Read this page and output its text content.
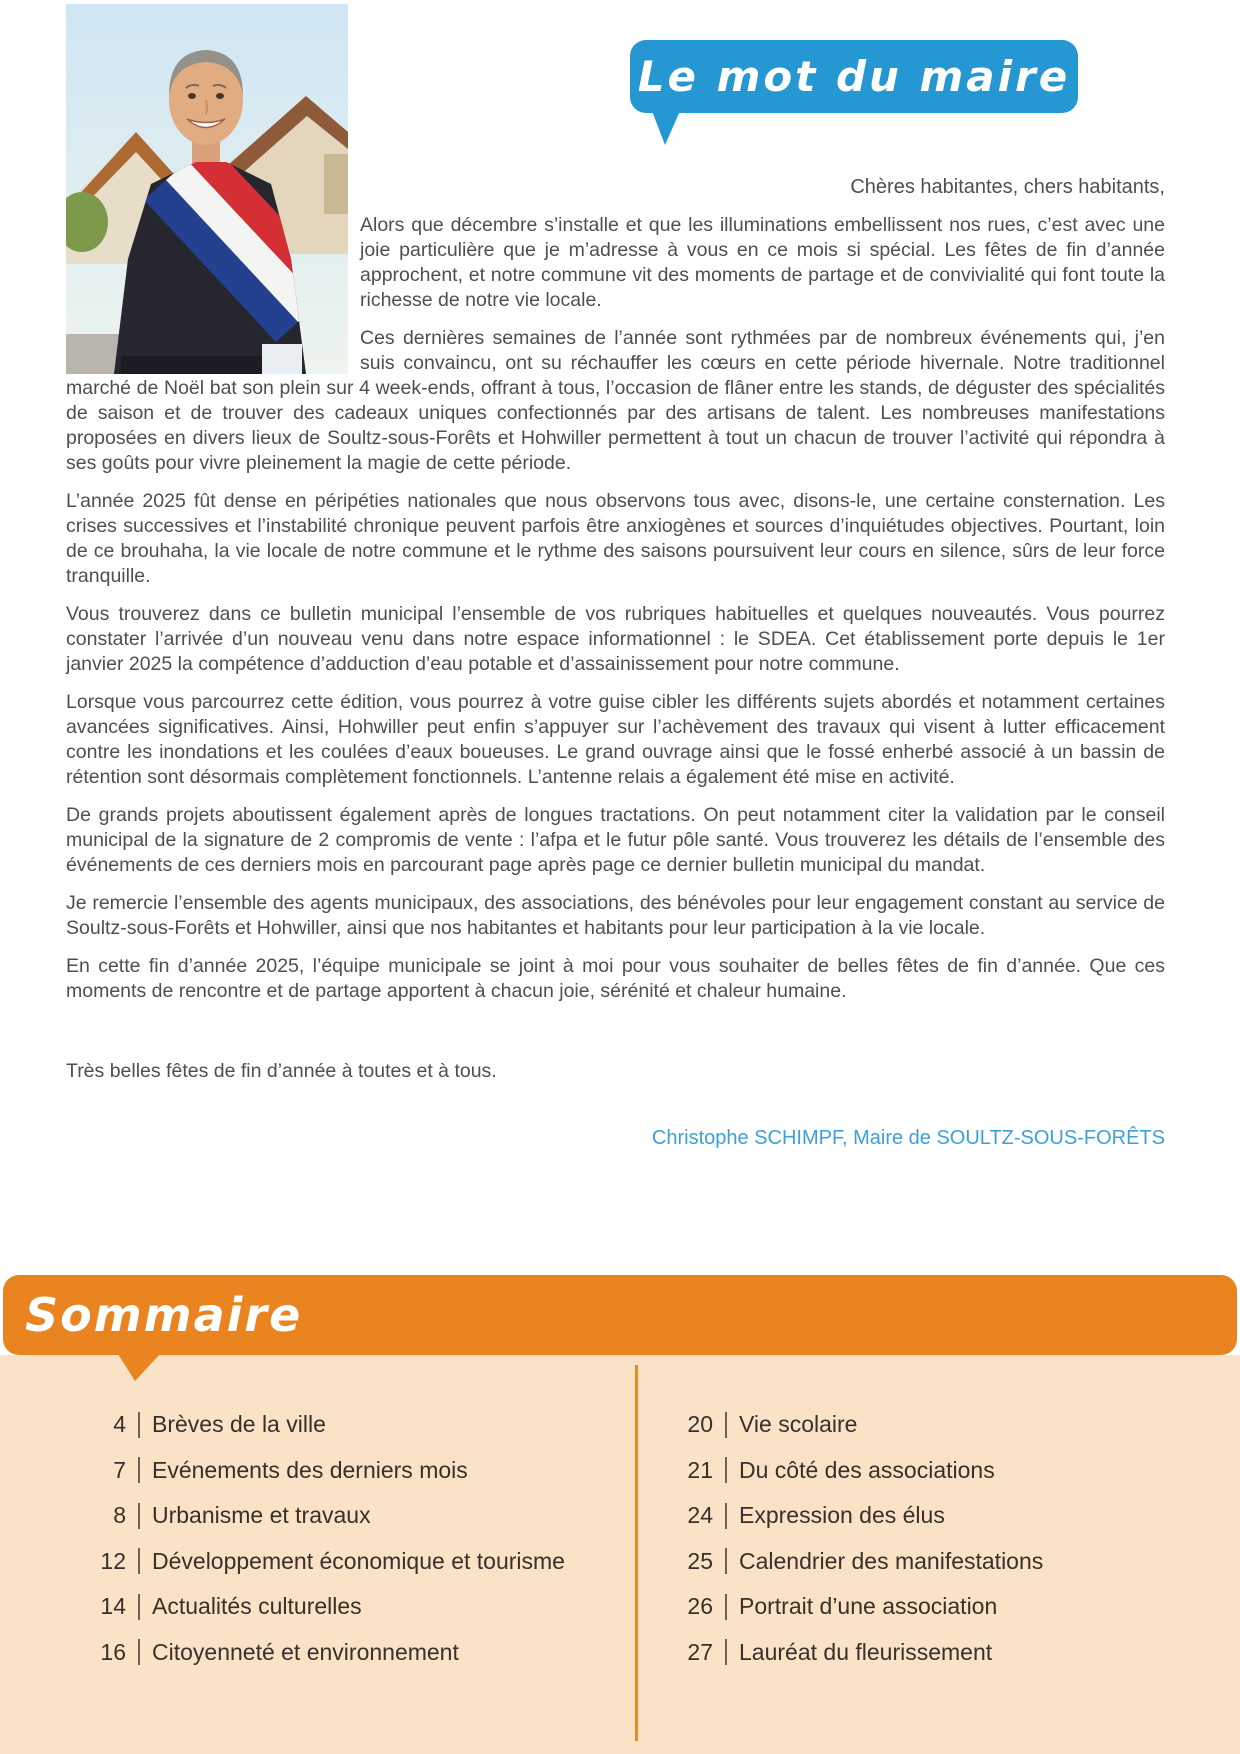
Le mot du maire

Chères habitantes, chers habitants,

Alors que décembre s’installe et que les illuminations embellissent nos rues, c’est avec une joie particulière que je m’adresse à vous en ce mois si spécial. Les fêtes de fin d’année approchent, et notre commune vit des moments de partage et de convivialité qui font toute la richesse de notre vie locale.

Ces dernières semaines de l’année sont rythmées par de nombreux événements qui, j’en suis convaincu, ont su réchauffer les cœurs en cette période hivernale. Notre traditionnel marché de Noël bat son plein sur 4 week-ends, offrant à tous, l’occasion de flâner entre les stands, de déguster des spécialités de saison et de trouver des cadeaux uniques confectionnés par des artisans de talent. Les nombreuses manifestations proposées en divers lieux de Soultz-sous-Forêts et Hohwiller permettent à tout un chacun de trouver l’activité qui répondra à ses goûts pour vivre pleinement la magie de cette période.

L’année 2025 fût dense en péripéties nationales que nous observons tous avec, disons-le, une certaine consternation. Les crises successives et l’instabilité chronique peuvent parfois être anxiogènes et sources d’inquiétudes objectives. Pourtant, loin de ce brouhaha, la vie locale de notre commune et le rythme des saisons poursuivent leur cours en silence, sûrs de leur force tranquille.

Vous trouverez dans ce bulletin municipal l’ensemble de vos rubriques habituelles et quelques nouveautés. Vous pourrez constater l’arrivée d’un nouveau venu dans notre espace informationnel : le SDEA. Cet établissement porte depuis le 1er janvier 2025 la compétence d’adduction d’eau potable et d’assainissement pour notre commune.

Lorsque vous parcourrez cette édition, vous pourrez à votre guise cibler les différents sujets abordés et notamment certaines avancées significatives. Ainsi, Hohwiller peut enfin s’appuyer sur l’achèvement des travaux qui visent à lutter efficacement contre les inondations et les coulées d’eaux boueuses. Le grand ouvrage ainsi que le fossé enherbé associé à un bassin de rétention sont désormais complètement fonctionnels. L’antenne relais a également été mise en activité.

De grands projets aboutissent également après de longues tractations. On peut notamment citer la validation par le conseil municipal de la signature de 2 compromis de vente : l’afpa et le futur pôle santé. Vous trouverez les détails de l’ensemble des événements de ces derniers mois en parcourant page après page ce dernier bulletin municipal du mandat.

Je remercie l’ensemble des agents municipaux, des associations, des bénévoles pour leur engagement constant au service de Soultz-sous-Forêts et Hohwiller, ainsi que nos habitantes et habitants pour leur participation à la vie locale.

En cette fin d’année 2025, l’équipe municipale se joint à moi pour vous souhaiter de belles fêtes de fin d’année. Que ces moments de rencontre et de partage apportent à chacun joie, sérénité et chaleur humaine.

Très belles fêtes de fin d’année à toutes et à tous.

Christophe SCHIMPF, Maire de SOULTZ-SOUS-FORÊTS

Sommaire
4 Brèves de la ville
7 Evénements des derniers mois
8 Urbanisme et travaux
12 Développement économique et tourisme
14 Actualités culturelles
16 Citoyenneté et environnement
20 Vie scolaire
21 Du côté des associations
24 Expression des élus
25 Calendrier des manifestations
26 Portrait d’une association
27 Lauréat du fleurissement
